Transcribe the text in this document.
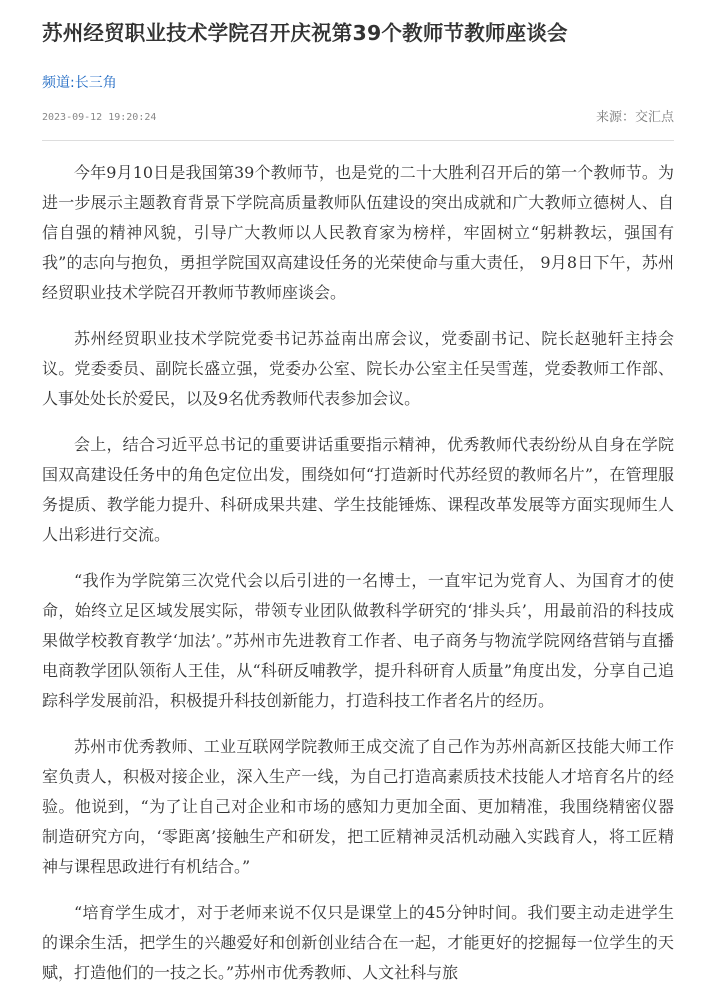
苏州经贸职业技术学院召开庆祝第39个教师节教师座谈会
频道:长三角
2023-09-12 19:20:24	来源：交汇点

今年9月10日是我国第39个教师节，也是党的二十大胜利召开后的第一个教师节。为进一步展示主题教育背景下学院高质量教师队伍建设的突出成就和广大教师立德树人、自信自强的精神风貌，引导广大教师以人民教育家为榜样，牢固树立“躬耕教坛，强国有我”的志向与抱负，勇担学院国双高建设任务的光荣使命与重大责任， 9月8日下午，苏州经贸职业技术学院召开教师节教师座谈会。

苏州经贸职业技术学院党委书记苏益南出席会议，党委副书记、院长赵驰轩主持会议。党委委员、副院长盛立强，党委办公室、院长办公室主任吴雪莲，党委教师工作部、人事处处长於爱民，以及9名优秀教师代表参加会议。

会上，结合习近平总书记的重要讲话重要指示精神，优秀教师代表纷纷从自身在学院国双高建设任务中的角色定位出发，围绕如何“打造新时代苏经贸的教师名片”，在管理服务提质、教学能力提升、科研成果共建、学生技能锤炼、课程改革发展等方面实现师生人人出彩进行交流。

“我作为学院第三次党代会以后引进的一名博士，一直牢记为党育人、为国育才的使命，始终立足区域发展实际，带领专业团队做教科学研究的‘排头兵’，用最前沿的科技成果做学校教育教学‘加法’。”苏州市先进教育工作者、电子商务与物流学院网络营销与直播电商教学团队领衔人王佳，从“科研反哺教学，提升科研育人质量”角度出发，分享自己追踪科学发展前沿，积极提升科技创新能力，打造科技工作者名片的经历。

苏州市优秀教师、工业互联网学院教师王成交流了自己作为苏州高新区技能大师工作室负责人，积极对接企业，深入生产一线，为自己打造高素质技术技能人才培育名片的经验。他说到，“为了让自己对企业和市场的感知力更加全面、更加精准，我围绕精密仪器制造研究方向，‘零距离’接触生产和研发，把工匠精神灵活机动融入实践育人，将工匠精神与课程思政进行有机结合。”

“培育学生成才，对于老师来说不仅只是课堂上的45分钟时间。我们要主动走进学生的课余生活，把学生的兴趣爱好和创新创业结合在一起，才能更好的挖掘每一位学生的天赋，打造他们的一技之长。”苏州市优秀教师、人文社科与旅
